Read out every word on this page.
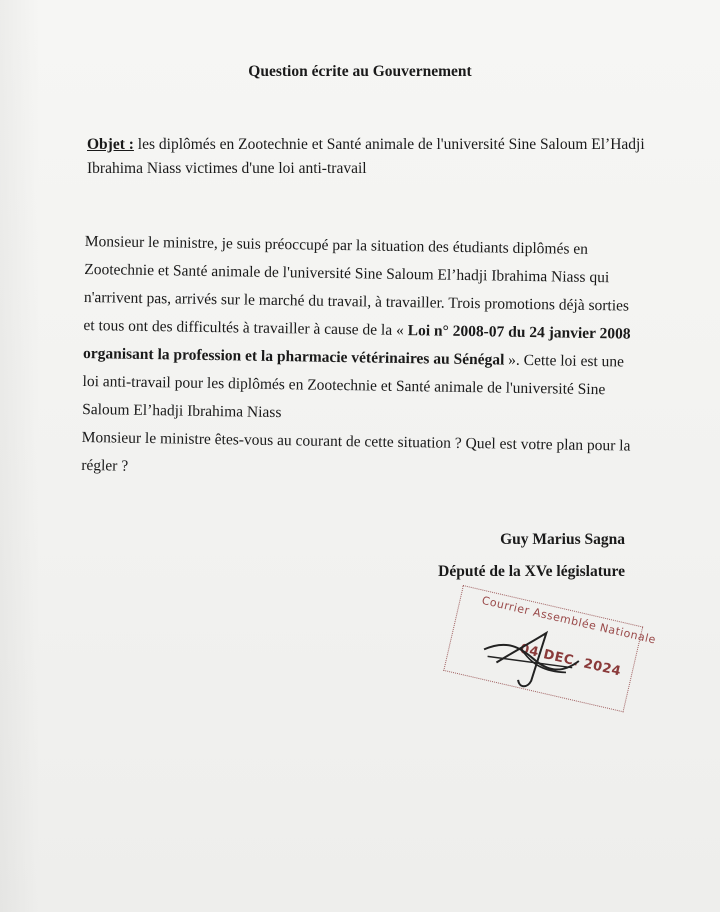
Question écrite au Gouvernement
Objet : les diplômés en Zootechnie et Santé animale de l'université Sine Saloum El’Hadji Ibrahima Niass victimes d'une loi anti-travail

Monsieur le ministre, je suis préoccupé par la situation des étudiants diplômés en Zootechnie et Santé animale de l'université Sine Saloum El’hadji Ibrahima Niass qui n'arrivent pas, arrivés sur le marché du travail, à travailler. Trois promotions déjà sorties et tous ont des difficultés à travailler à cause de la « Loi n° 2008-07 du 24 janvier 2008 organisant la profession et la pharmacie vétérinaires au Sénégal ». Cette loi est une loi anti-travail pour les diplômés en Zootechnie et Santé animale de l'université Sine Saloum El’hadji Ibrahima Niass

Monsieur le ministre êtes-vous au courant de cette situation ? Quel est votre plan pour la régler ?

Guy Marius Sagna
Député de la XVe législature
Courrier Assemblée Nationale
04 DEC. 2024
